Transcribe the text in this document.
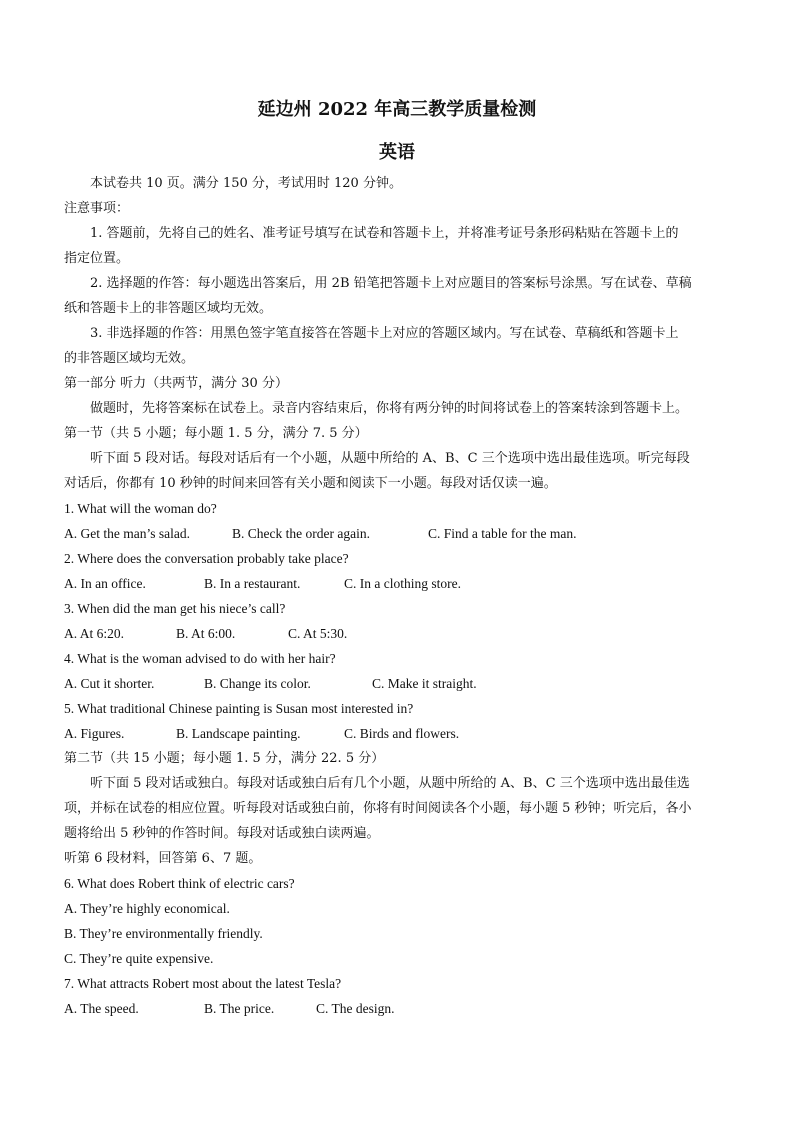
延边州 2022 年高三教学质量检测
英语
本试卷共 10 页。满分 150 分，考试用时 120 分钟。
注意事项：
1. 答题前，先将自己的姓名、准考证号填写在试卷和答题卡上，并将准考证号条形码粘贴在答题卡上的
指定位置。
2. 选择题的作答：每小题选出答案后，用 2B 铅笔把答题卡上对应题目的答案标号涂黑。写在试卷、草稿
纸和答题卡上的非答题区域均无效。
3. 非选择题的作答：用黑色签字笔直接答在答题卡上对应的答题区域内。写在试卷、草稿纸和答题卡上
的非答题区域均无效。
第一部分 听力（共两节，满分 30 分）
做题时，先将答案标在试卷上。录音内容结束后，你将有两分钟的时间将试卷上的答案转涂到答题卡上。
第一节（共 5 小题；每小题 1. 5 分，满分 7. 5 分）
听下面 5 段对话。每段对话后有一个小题，从题中所给的 A、B、C 三个选项中选出最佳选项。听完每段
对话后，你都有 10 秒钟的时间来回答有关小题和阅读下一小题。每段对话仅读一遍。
1. What will the woman do?
A. Get the man’s salad.	B. Check the order again.	C. Find a table for the man.
2. Where does the conversation probably take place?
A. In an office.	B. In a restaurant.	C. In a clothing store.
3. When did the man get his niece’s call?
A. At 6:20.	B. At 6:00.	C. At 5:30.
4. What is the woman advised to do with her hair?
A. Cut it shorter.	B. Change its color.	C. Make it straight.
5. What traditional Chinese painting is Susan most interested in?
A. Figures.	B. Landscape painting.	C. Birds and flowers.
第二节（共 15 小题；每小题 1. 5 分，满分 22. 5 分）
听下面 5 段对话或独白。每段对话或独白后有几个小题，从题中所给的 A、B、C 三个选项中选出最佳选
项，并标在试卷的相应位置。听每段对话或独白前，你将有时间阅读各个小题，每小题 5 秒钟；听完后，各小
题将给出 5 秒钟的作答时间。每段对话或独白读两遍。
听第 6 段材料，回答第 6、7 题。
6. What does Robert think of electric cars?
A. They’re highly economical.
B. They’re environmentally friendly.
C. They’re quite expensive.
7. What attracts Robert most about the latest Tesla?
A. The speed.	B. The price.	C. The design.
